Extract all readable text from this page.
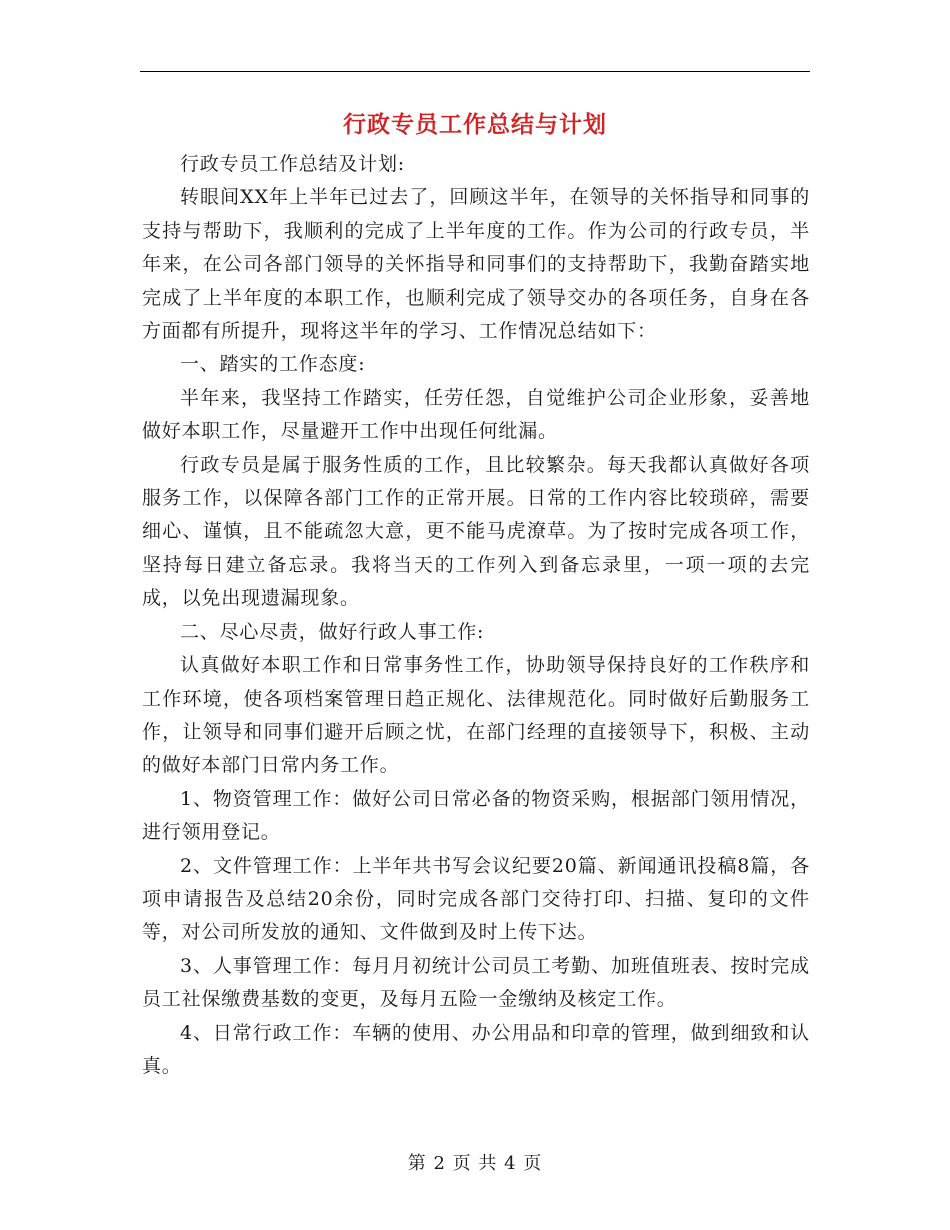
行政专员工作总结与计划

行政专员工作总结及计划:

转眼间XX年上半年已过去了，回顾这半年，在领导的关怀指导和同事的支持与帮助下，我顺利的完成了上半年度的工作。作为公司的行政专员，半年来，在公司各部门领导的关怀指导和同事们的支持帮助下，我勤奋踏实地完成了上半年度的本职工作，也顺利完成了领导交办的各项任务，自身在各方面都有所提升，现将这半年的学习、工作情况总结如下：

一、踏实的工作态度:

半年来，我坚持工作踏实，任劳任怨，自觉维护公司企业形象，妥善地做好本职工作，尽量避开工作中出现任何纰漏。

行政专员是属于服务性质的工作，且比较繁杂。每天我都认真做好各项服务工作，以保障各部门工作的正常开展。日常的工作内容比较琐碎，需要细心、谨慎，且不能疏忽大意，更不能马虎潦草。为了按时完成各项工作，坚持每日建立备忘录。我将当天的工作列入到备忘录里，一项一项的去完成，以免出现遗漏现象。

二、尽心尽责，做好行政人事工作:

认真做好本职工作和日常事务性工作，协助领导保持良好的工作秩序和工作环境，使各项档案管理日趋正规化、法律规范化。同时做好后勤服务工作，让领导和同事们避开后顾之忧，在部门经理的直接领导下，积极、主动的做好本部门日常内务工作。

1、物资管理工作：做好公司日常必备的物资采购，根据部门领用情况，进行领用登记。

2、文件管理工作：上半年共书写会议纪要20篇、新闻通讯投稿8篇，各项申请报告及总结20余份，同时完成各部门交待打印、扫描、复印的文件等，对公司所发放的通知、文件做到及时上传下达。

3、人事管理工作：每月月初统计公司员工考勤、加班值班表、按时完成员工社保缴费基数的变更，及每月五险一金缴纳及核定工作。

4、日常行政工作：车辆的使用、办公用品和印章的管理，做到细致和认真。

第 2 页 共 4 页
